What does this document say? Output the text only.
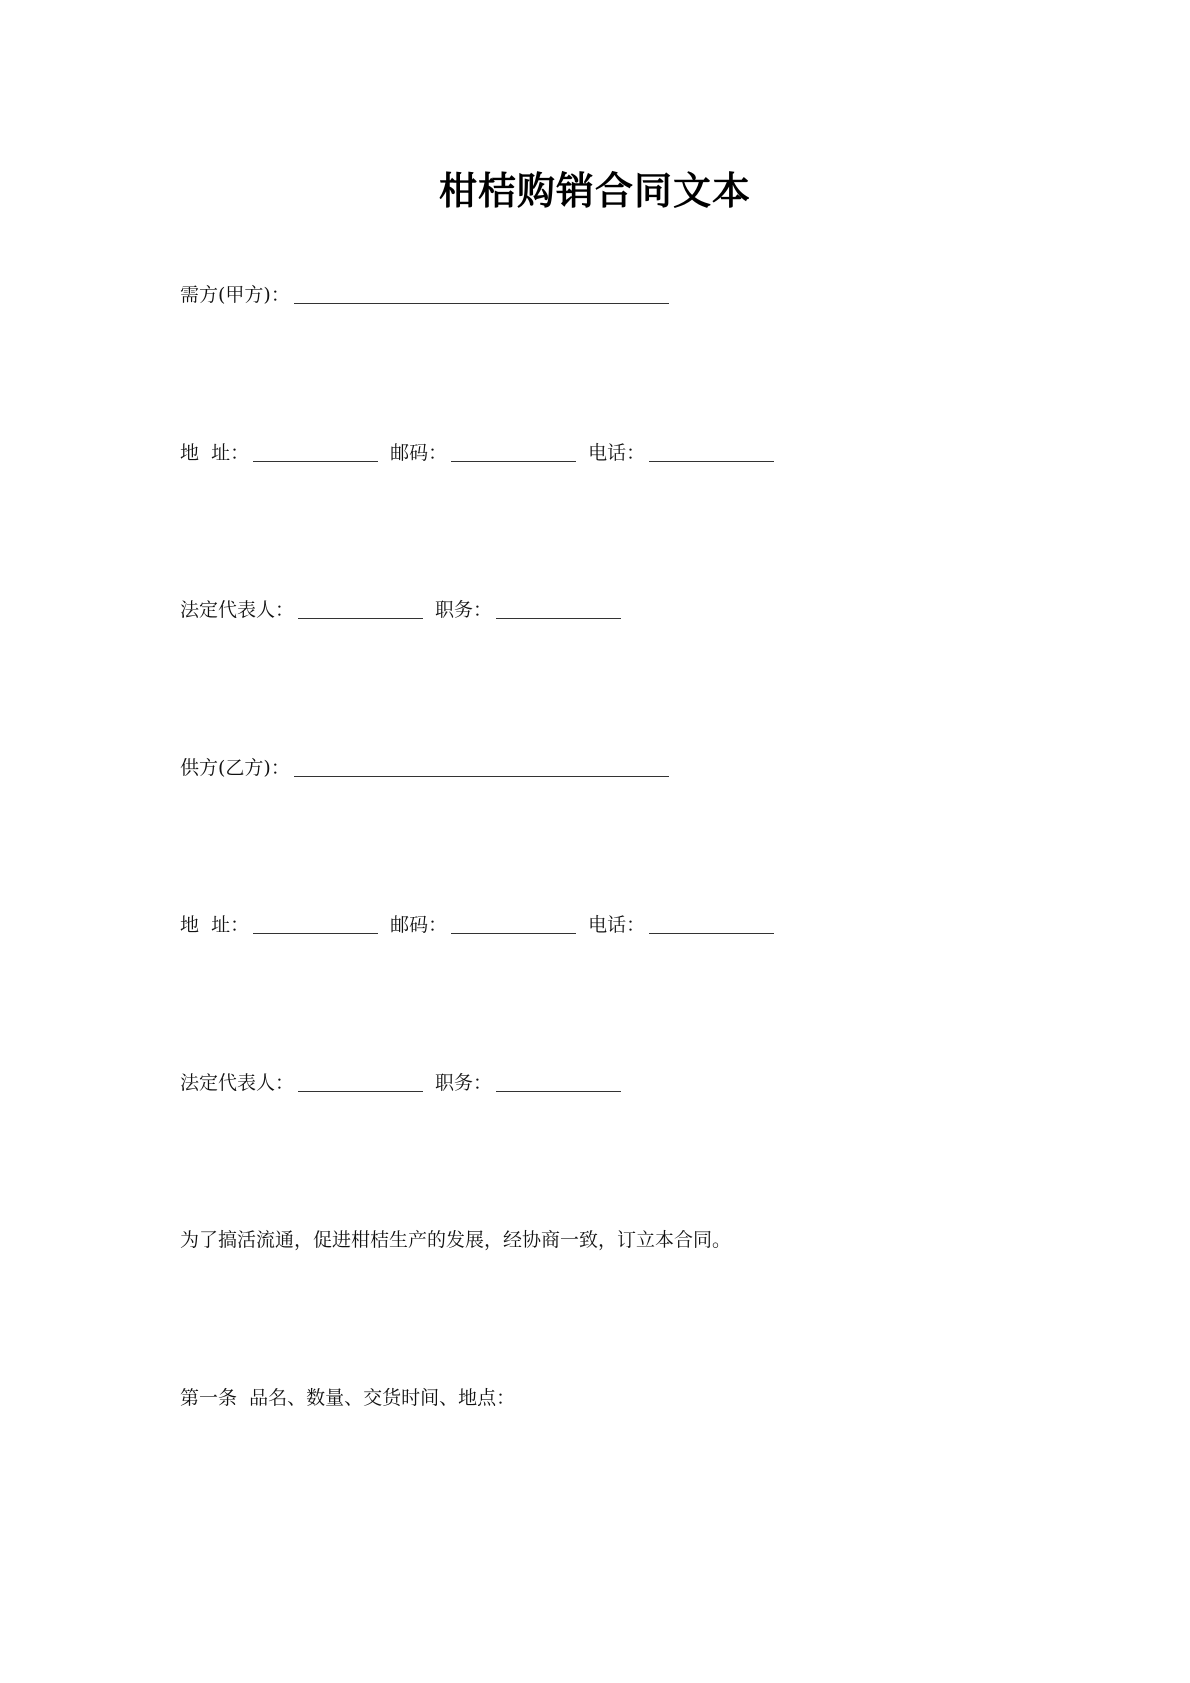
柑桔购销合同文本
需方(甲方)：
地  址：	邮码：	电话：
法定代表人：	职务：
供方(乙方)：
地  址：	邮码：	电话：
法定代表人：	职务：
为了搞活流通，促进柑桔生产的发展，经协商一致，订立本合同。
第一条  品名、数量、交货时间、地点：
